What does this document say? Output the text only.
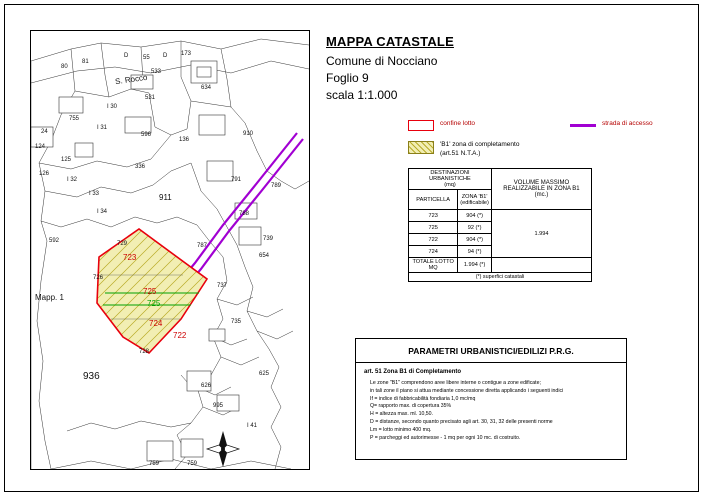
936
S. Rocco
Mapp. 1
80
81
D 55 D 173
533
634
531
755
I 30
I 31
596
136
910
24
124
125
126
I 32
336
I 33
I 34
911
791
789
788
787
592	729
739
654
726
737
728
735
625
626
995
I 41
759
759
723
725
725
724
722
MAPPA CATASTALE
Comune di Nocciano
Foglio 9
scala 1:1.000
confine lotto	strada di accesso
'B1' zona di completamento
(art.51 N.T.A.)
DESTINAZIONI URBANISTICHE
(mq)		VOLUME MASSIMO REALIZZABILE IN ZONA B1
(mc.)
PARTICELLA	ZONA 'B1'
(edificabile)	
723	904 (*)	1.994
725	92 (*)	
722	904 (*)	
724	94 (*)	
TOTALE LOTTO MQ	1.994 (*)	
(*) superfici catastali		
PARAMETRI URBANISTICI/EDILIZI P.R.G.
art. 51 Zona B1 di Completamento
Le zone "B1" comprendono aree libere interne o contigue a zone edificate;
in tali zone il piano si attua mediante concessione diretta applicando i seguenti indici
If = indice di fabbricabilità fondiaria 1,0 mc/mq
Q= rapporto max. di copertura 35%
H = altezza max. ml. 10,50.
D = distanze, secondo quanto precisato agli art. 30, 31, 32 delle presenti norme
Lm = lotto minimo 400 mq.
P = parcheggi ed autorimesse - 1 mq per ogni 10 mc. di costruito.
